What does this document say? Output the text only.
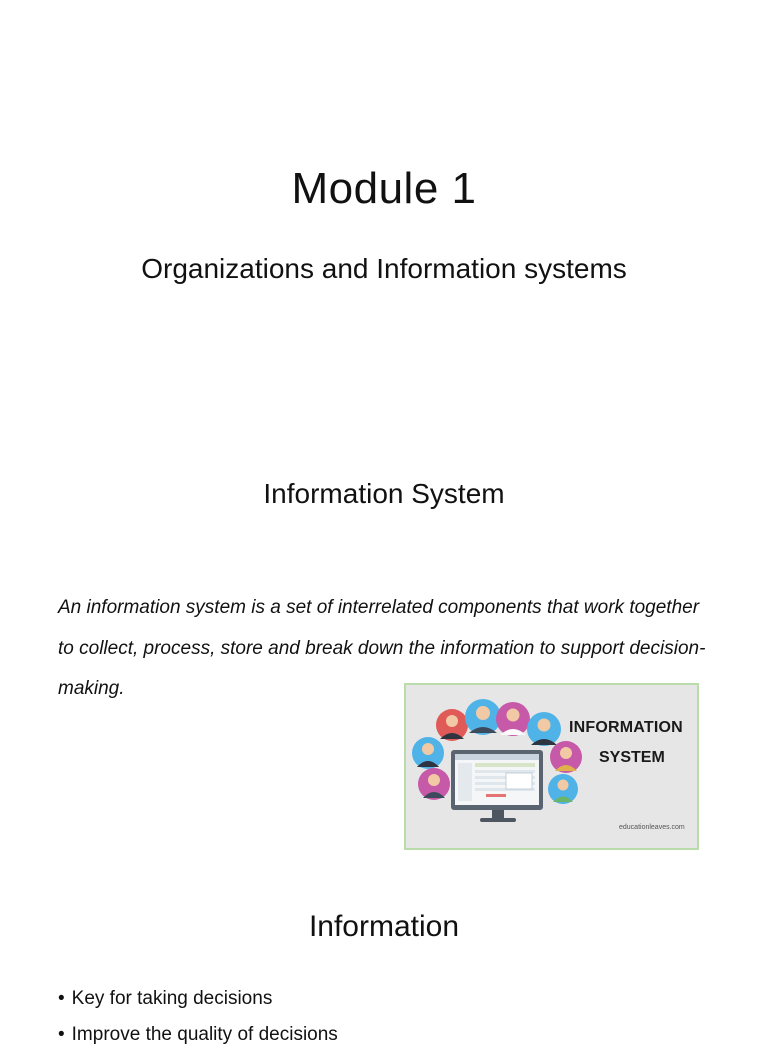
Module 1
Organizations and Information systems
Information System
An information system is a set of interrelated components that work together to collect, process, store and break down the information to support decision-making.
INFORMATION
SYSTEM
educationleaves.com
Information
• Key for taking decisions
• Improve the quality of decisions
